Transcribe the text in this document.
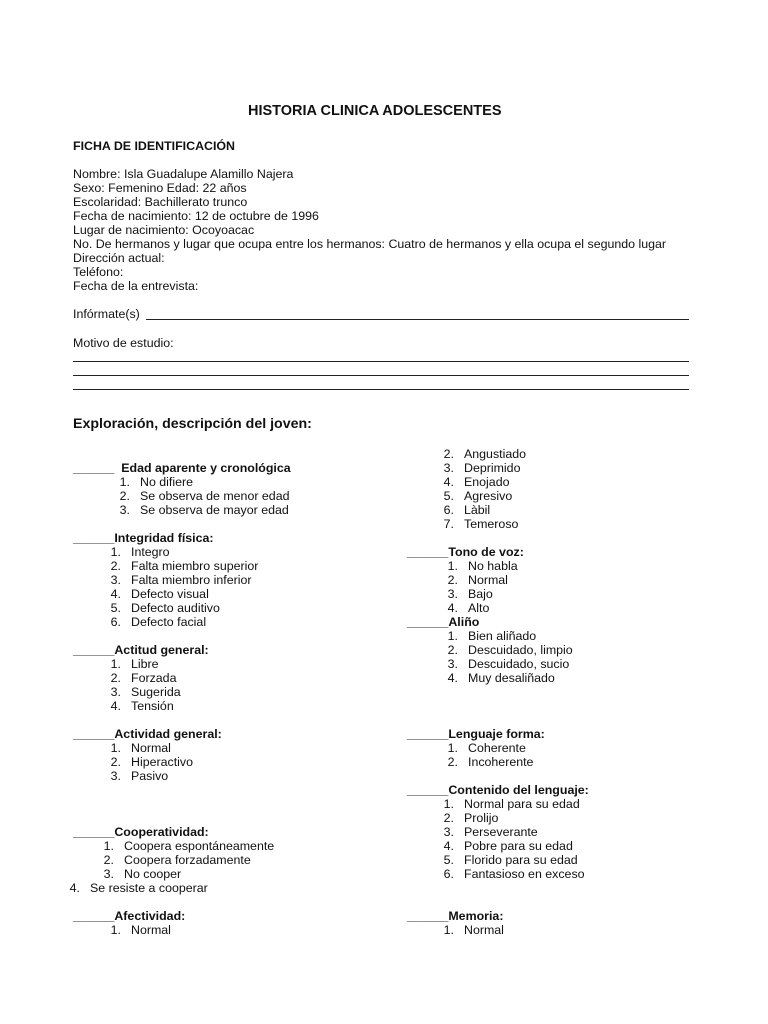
HISTORIA CLINICA ADOLESCENTES
FICHA DE IDENTIFICACIÓN
Nombre: Isla Guadalupe Alamillo Najera
Sexo: Femenino Edad: 22 años
Escolaridad: Bachillerato trunco
Fecha de nacimiento: 12 de octubre de 1996
Lugar de nacimiento: Ocoyoacac
No. De hermanos y lugar que ocupa entre los hermanos: Cuatro de hermanos y ella ocupa el segundo lugar
Dirección actual:
Teléfono:
Fecha de la entrevista:
Infórmate(s)
Motivo de estudio:
Exploración, descripción del joven:
______ Edad aparente y cronológica
1. No difiere
2. Se observa de menor edad
3. Se observa de mayor edad
______Integridad física:
1. Integro
2. Falta miembro superior
3. Falta miembro inferior
4. Defecto visual
5. Defecto auditivo
6. Defecto facial
______Actitud general:
1. Libre
2. Forzada
3. Sugerida
4. Tensión
______Actividad general:
1. Normal
2. Hiperactivo
3. Pasivo
______Cooperatividad:
1. Coopera espontáneamente
2. Coopera forzadamente
3. No cooper
4. Se resiste a cooperar
______Afectividad:
1. Normal
2. Angustiado
3. Deprimido
4. Enojado
5. Agresivo
6. Làbil
7. Temeroso
______Tono de voz:
1. No habla
2. Normal
3. Bajo
4. Alto
______Aliño
1. Bien aliñado
2. Descuidado, limpio
3. Descuidado, sucio
4. Muy desaliñado
______Lenguaje forma:
1. Coherente
2. Incoherente
______Contenido del lenguaje:
1. Normal para su edad
2. Prolijo
3. Perseverante
4. Pobre para su edad
5. Florido para su edad
6. Fantasioso en exceso
______Memoria:
1. Normal
